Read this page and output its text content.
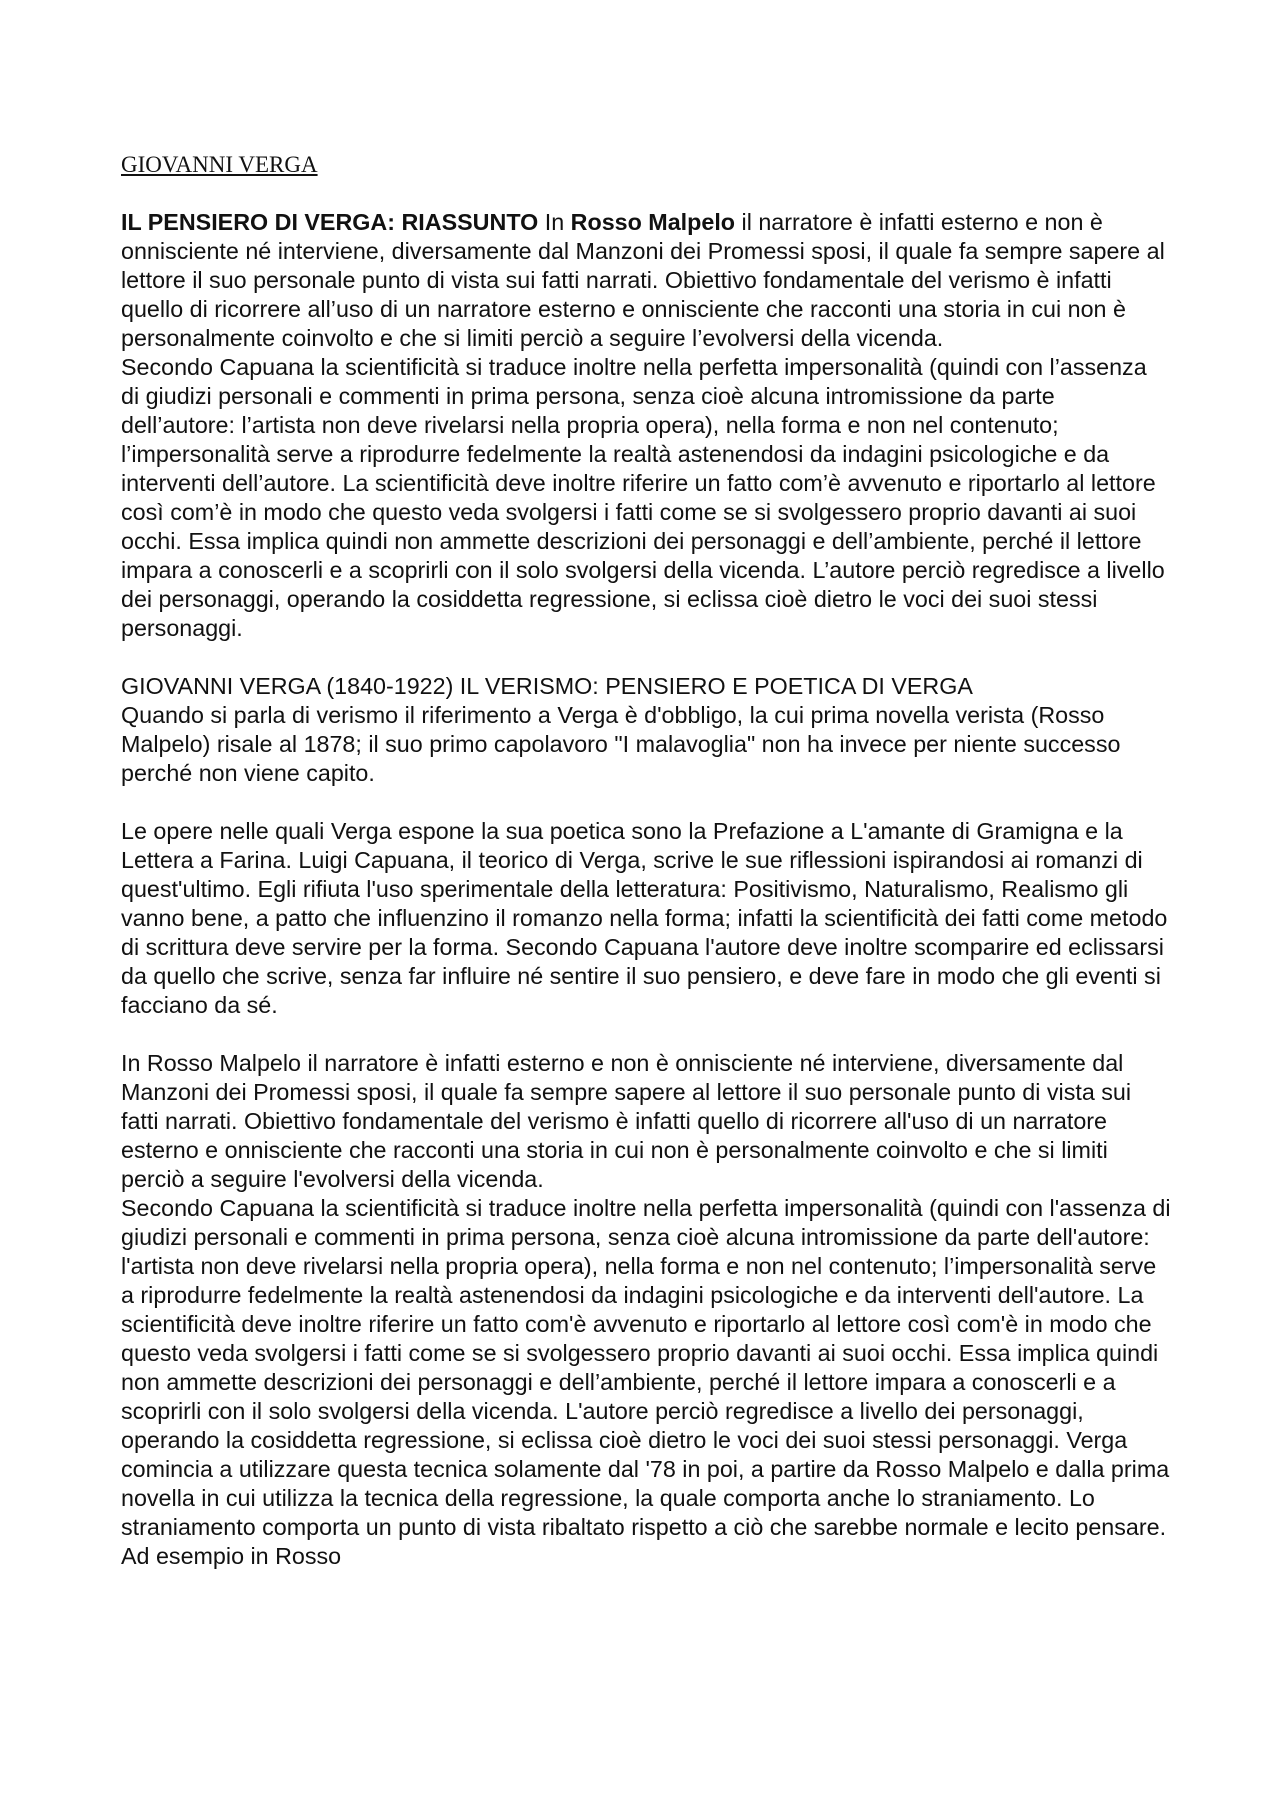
GIOVANNI VERGA

IL PENSIERO DI VERGA: RIASSUNTO In Rosso Malpelo il narratore è infatti esterno e non è onnisciente né interviene, diversamente dal Manzoni dei Promessi sposi, il quale fa sempre sapere al lettore il suo personale punto di vista sui fatti narrati. Obiettivo fondamentale del verismo è infatti quello di ricorrere all’uso di un narratore esterno e onnisciente che racconti una storia in cui non è personalmente coinvolto e che si limiti perciò a seguire l’evolversi della vicenda.

Secondo Capuana la scientificità si traduce inoltre nella perfetta impersonalità (quindi con l’assenza di giudizi personali e commenti in prima persona, senza cioè alcuna intromissione da parte dell’autore: l’artista non deve rivelarsi nella propria opera), nella forma e non nel contenuto; l’impersonalità serve a riprodurre fedelmente la realtà astenendosi da indagini psicologiche e da interventi dell’autore. La scientificità deve inoltre riferire un fatto com’è avvenuto e riportarlo al lettore così com’è in modo che questo veda svolgersi i fatti come se si svolgessero proprio davanti ai suoi occhi. Essa implica quindi non ammette descrizioni dei personaggi e dell’ambiente, perché il lettore impara a conoscerli e a scoprirli con il solo svolgersi della vicenda. L’autore perciò regredisce a livello dei personaggi, operando la cosiddetta regressione, si eclissa cioè dietro le voci dei suoi stessi personaggi.

GIOVANNI VERGA (1840-1922) IL VERISMO: PENSIERO E POETICA DI VERGA

Quando si parla di verismo il riferimento a Verga è d'obbligo, la cui prima novella verista (Rosso Malpelo) risale al 1878; il suo primo capolavoro "I malavoglia" non ha invece per niente successo perché non viene capito.

Le opere nelle quali Verga espone la sua poetica sono la Prefazione a L'amante di Gramigna e la Lettera a Farina. Luigi Capuana, il teorico di Verga, scrive le sue riflessioni ispirandosi ai romanzi di quest'ultimo. Egli rifiuta l'uso sperimentale della letteratura: Positivismo, Naturalismo, Realismo gli vanno bene, a patto che influenzino il romanzo nella forma; infatti la scientificità dei fatti come metodo di scrittura deve servire per la forma. Secondo Capuana l'autore deve inoltre scomparire ed eclissarsi da quello che scrive, senza far influire né sentire il suo pensiero, e deve fare in modo che gli eventi si facciano da sé.

In Rosso Malpelo il narratore è infatti esterno e non è onnisciente né interviene, diversamente dal Manzoni dei Promessi sposi, il quale fa sempre sapere al lettore il suo personale punto di vista sui fatti narrati. Obiettivo fondamentale del verismo è infatti quello di ricorrere all'uso di un narratore esterno e onnisciente che racconti una storia in cui non è personalmente coinvolto e che si limiti perciò a seguire l'evolversi della vicenda.

Secondo Capuana la scientificità si traduce inoltre nella perfetta impersonalità (quindi con l'assenza di giudizi personali e commenti in prima persona, senza cioè alcuna intromissione da parte dell'autore: l'artista non deve rivelarsi nella propria opera), nella forma e non nel contenuto; l’impersonalità serve a riprodurre fedelmente la realtà astenendosi da indagini psicologiche e da interventi dell'autore. La scientificità deve inoltre riferire un fatto com'è avvenuto e riportarlo al lettore così com'è in modo che questo veda svolgersi i fatti come se si svolgessero proprio davanti ai suoi occhi. Essa implica quindi non ammette descrizioni dei personaggi e dell’ambiente, perché il lettore impara a conoscerli e a scoprirli con il solo svolgersi della vicenda. L'autore perciò regredisce a livello dei personaggi, operando la cosiddetta regressione, si eclissa cioè dietro le voci dei suoi stessi personaggi. Verga comincia a utilizzare questa tecnica solamente dal '78 in poi, a partire da Rosso Malpelo e dalla prima novella in cui utilizza la tecnica della regressione, la quale comporta anche lo straniamento. Lo straniamento comporta un punto di vista ribaltato rispetto a ciò che sarebbe normale e lecito pensare. Ad esempio in Rosso
